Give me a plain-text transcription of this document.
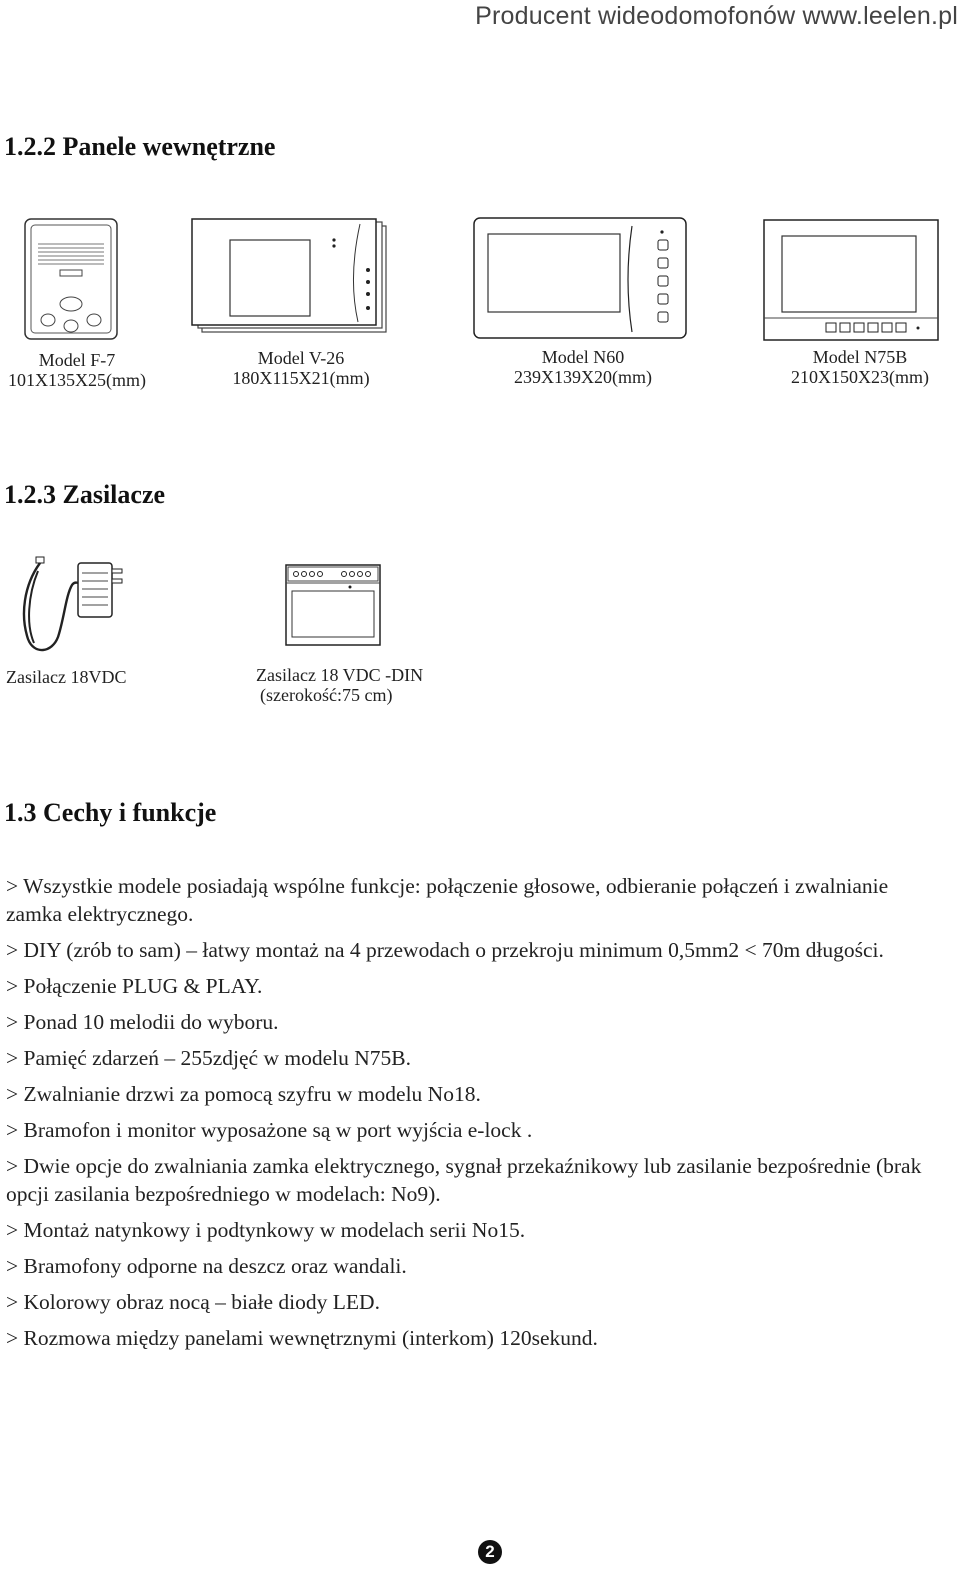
Producent wideodomofonów www.leelen.pl
1.2.2 Panele wewnętrzne
Model F-7
101X135X25(mm)
Model V-26
180X115X21(mm)
Model N60
239X139X20(mm)
Model N75B
210X150X23(mm)
1.2.3 Zasilacze
Zasilacz 18VDC	Zasilacz 18 VDC -DIN
(szerokość:75 cm)
1.3 Cechy i funkcje
> Wszystkie modele posiadają wspólne funkcje: połączenie głosowe, odbieranie połączeń i zwalnianie zamka elektrycznego.
> DIY (zrób to sam) – łatwy montaż na 4 przewodach o przekroju minimum 0,5mm2 < 70m długości.
> Połączenie PLUG & PLAY.
> Ponad 10 melodii do wyboru.
> Pamięć zdarzeń – 255zdjęć w modelu N75B.
> Zwalnianie drzwi za pomocą szyfru w modelu No18.
> Bramofon i monitor wyposażone są w port wyjścia e-lock .
> Dwie opcje do zwalniania zamka elektrycznego, sygnał przekaźnikowy lub zasilanie bezpośrednie (brak opcji zasilania bezpośredniego w modelach: No9).
> Montaż natynkowy i podtynkowy w modelach serii No15.
> Bramofony odporne na deszcz oraz wandali.
> Kolorowy obraz nocą – białe diody LED.
> Rozmowa między panelami wewnętrznymi (interkom) 120sekund.
2
